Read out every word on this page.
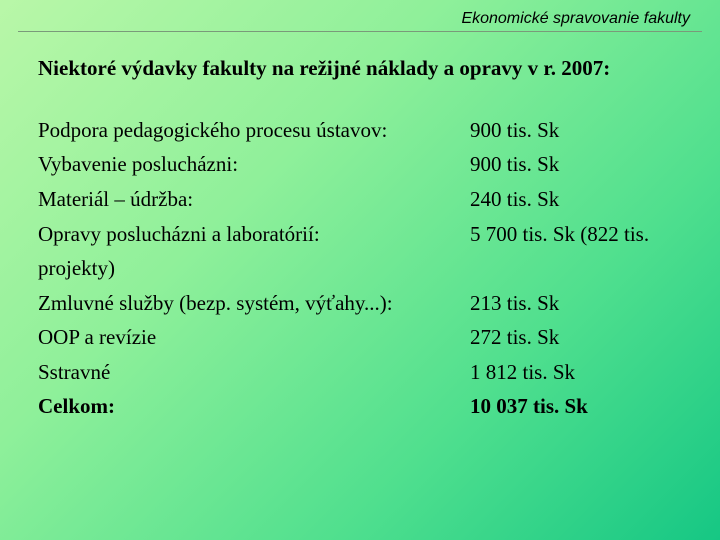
Ekonomické spravovanie fakulty
Niektoré výdavky fakulty na režijné náklady a opravy v r. 2007:
Podpora pedagogického procesu ústavov:	900 tis. Sk
Vybavenie poslucházni:	900 tis. Sk
Materiál – údržba:	240 tis. Sk
Opravy poslucházni a laboratórií:	5 700 tis. Sk (822 tis.
projekty)
Zmluvné služby (bezp. systém, výťahy...):	213 tis. Sk
OOP a revízie	272 tis. Sk
Sstravné	1 812 tis. Sk
Celkom:	10 037 tis. Sk
